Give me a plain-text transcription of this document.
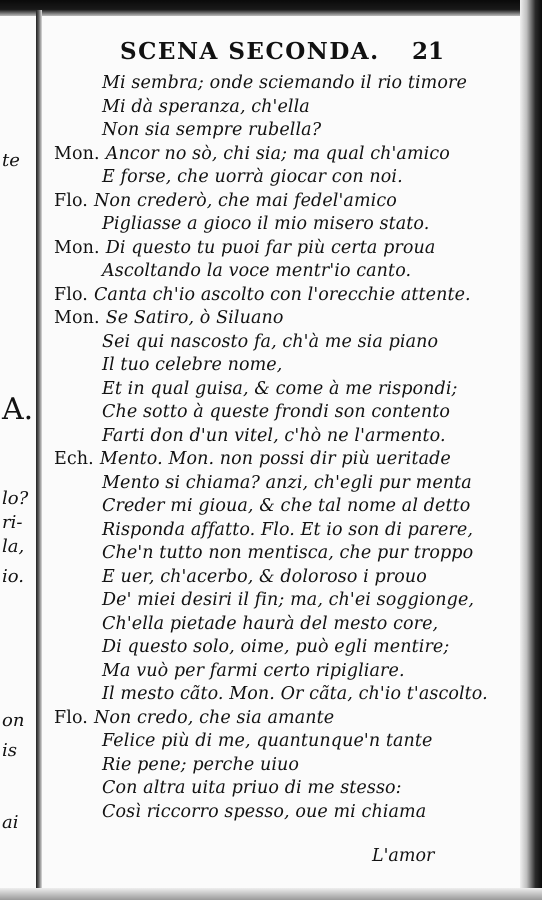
te
A.
lo?
ri-
la,
io.
on
is
ai
SCENA SECONDA. 21
Mi sembra; onde sciemando il rio timore
Mi dà speranza, ch'ella
Non sia sempre rubella?
Mon. Ancor no sò, chi sia; ma qual ch'amico
E forse, che uorrà giocar con noi.
Flo. Non crederò, che mai fedel'amico
Pigliasse a gioco il mio misero stato.
Mon. Di questo tu puoi far più certa proua
Ascoltando la voce mentr'io canto.
Flo. Canta ch'io ascolto con l'orecchie attente.
Mon. Se Satiro, ò Siluano
Sei qui nascosto fa, ch'à me sia piano
Il tuo celebre nome,
Et in qual guisa, & come à me rispondi;
Che sotto à queste frondi son contento
Farti don d'un vitel, c'hò ne l'armento.
Ech. Mento. Mon. non possi dir più ueritade
Mento si chiama? anzi, ch'egli pur menta
Creder mi gioua, & che tal nome al detto
Risponda affatto. Flo. Et io son di parere,
Che'n tutto non mentisca, che pur troppo
E uer, ch'acerbo, & doloroso i prouo
De' miei desiri il fin; ma, ch'ei soggionge,
Ch'ella pietade haurà del mesto core,
Di questo solo, oime, può egli mentire;
Ma vuò per farmi certo ripigliare.
Il mesto cãto. Mon. Or cãta, ch'io t'ascolto.
Flo. Non credo, che sia amante
Felice più di me, quantunque'n tante
Rie pene; perche uiuo
Con altra uita priuo di me stesso:
Così riccorro spesso, oue mi chiama
L'amor
